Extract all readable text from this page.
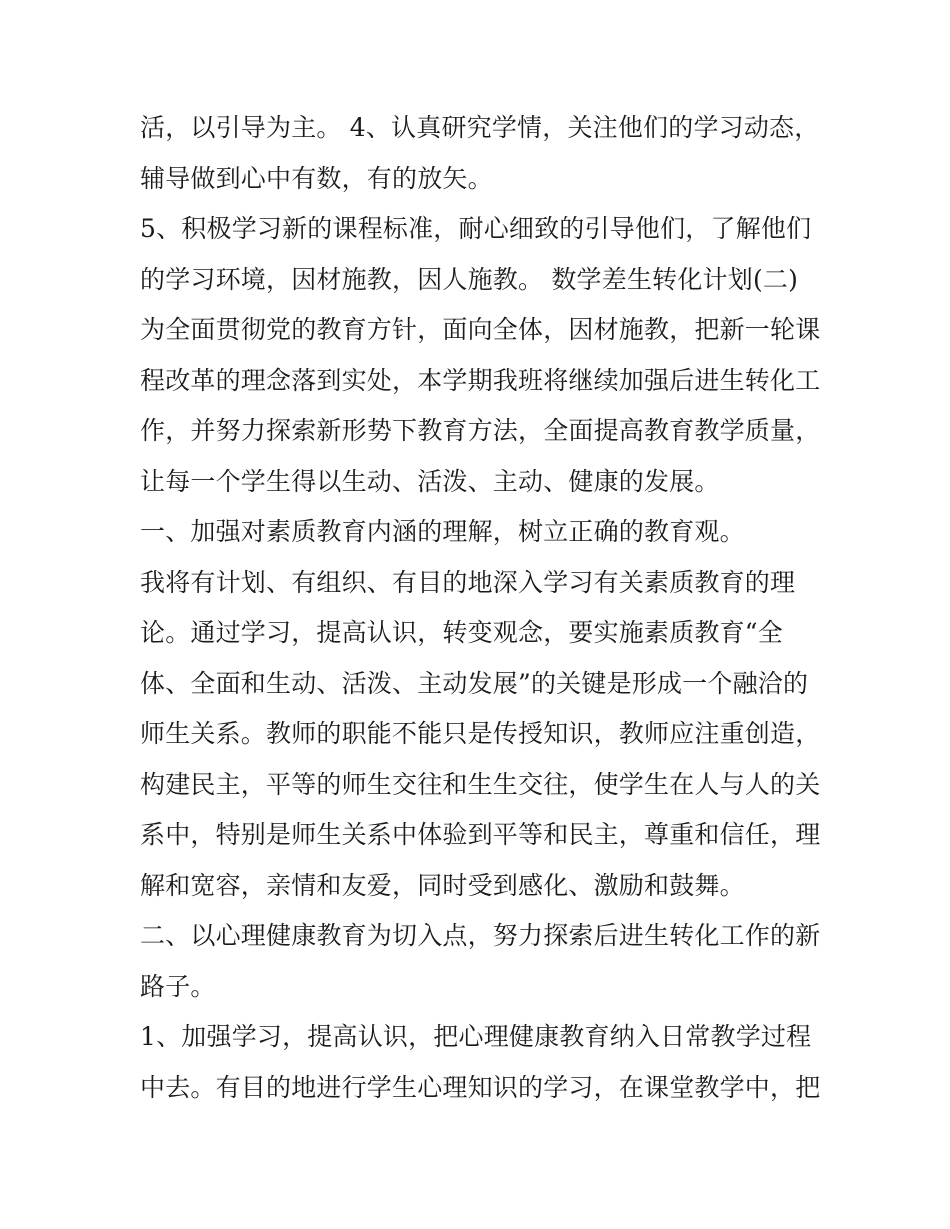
活，以引导为主。 4、认真研究学情，关注他们的学习动态，
辅导做到心中有数，有的放矢。
5、积极学习新的课程标准，耐心细致的引导他们，了解他们
的学习环境，因材施教，因人施教。 数学差生转化计划(二)
为全面贯彻党的教育方针，面向全体，因材施教，把新一轮课
程改革的理念落到实处，本学期我班将继续加强后进生转化工
作，并努力探索新形势下教育方法，全面提高教育教学质量，
让每一个学生得以生动、活泼、主动、健康的发展。
一、加强对素质教育内涵的理解，树立正确的教育观。
我将有计划、有组织、有目的地深入学习有关素质教育的理
论。通过学习，提高认识，转变观念，要实施素质教育“全
体、全面和生动、活泼、主动发展”的关键是形成一个融洽的
师生关系。教师的职能不能只是传授知识，教师应注重创造，
构建民主，平等的师生交往和生生交往，使学生在人与人的关
系中，特别是师生关系中体验到平等和民主，尊重和信任，理
解和宽容，亲情和友爱，同时受到感化、激励和鼓舞。
二、以心理健康教育为切入点，努力探索后进生转化工作的新
路子。
1、加强学习，提高认识，把心理健康教育纳入日常教学过程
中去。有目的地进行学生心理知识的学习，在课堂教学中，把
